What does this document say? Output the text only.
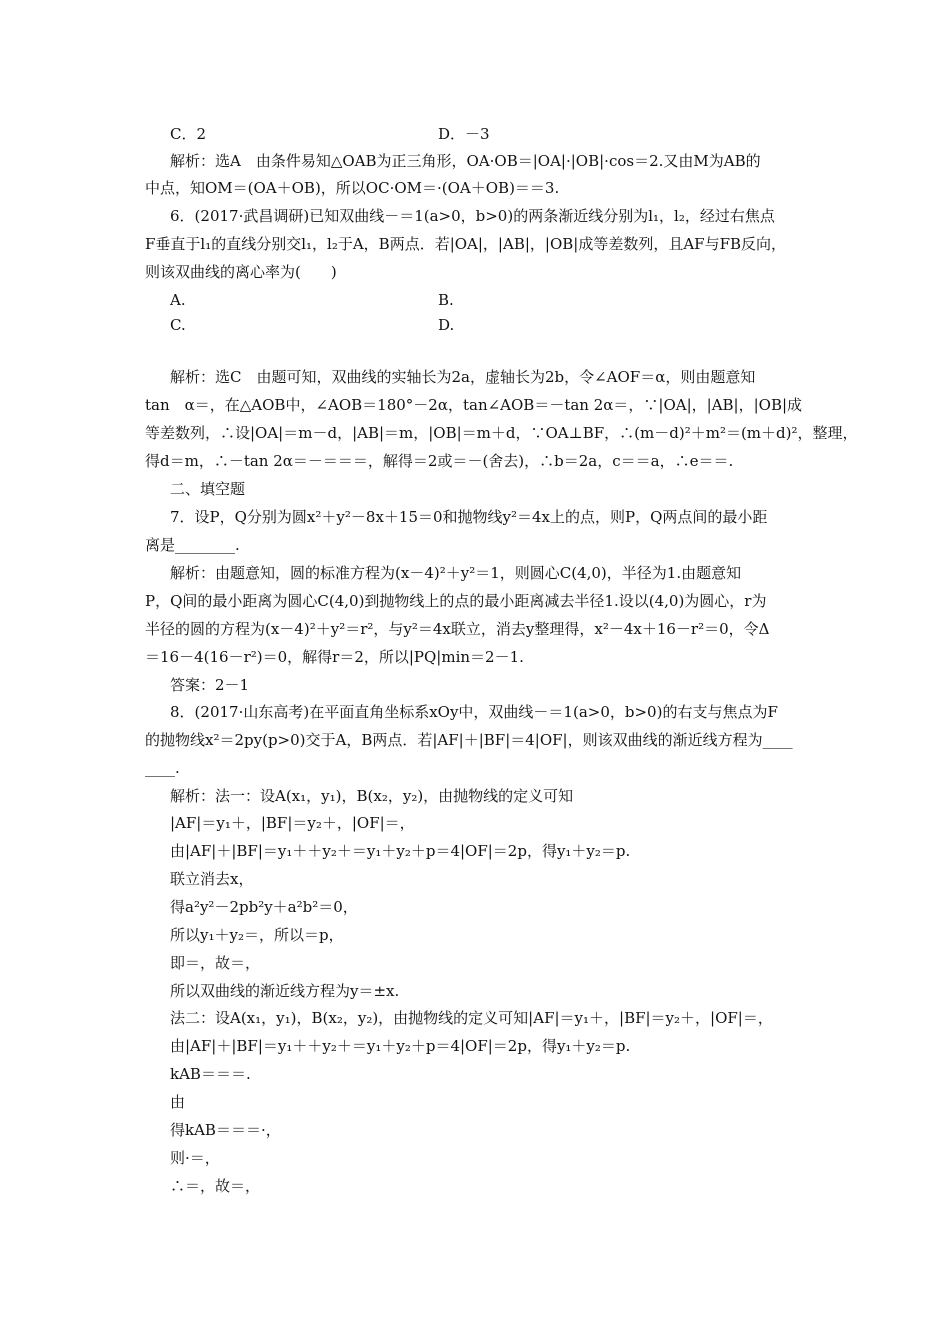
C．2	D．－3
解析：选A　由条件易知△OAB为正三角形，OA·OB＝|OA|·|OB|·cos＝2.又由M为AB的
中点，知OM＝(OA＋OB)，所以OC·OM＝·(OA＋OB)＝＝3.
6．(2017·武昌调研)已知双曲线－＝1(a>0，b>0)的两条渐近线分别为l₁，l₂，经过右焦点
F垂直于l₁的直线分别交l₁，l₂于A，B两点．若|OA|，|AB|，|OB|成等差数列，且AF与FB反向，
则该双曲线的离心率为(　　)
A.	B.
C.	D.
解析：选C　由题可知，双曲线的实轴长为2a，虚轴长为2b，令∠AOF＝α，则由题意知
tan　α＝，在△AOB中，∠AOB＝180°－2α，tan∠AOB＝－tan 2α＝，∵|OA|，|AB|，|OB|成
等差数列，∴设|OA|＝m－d，|AB|＝m，|OB|＝m＋d，∵OA⊥BF，∴(m－d)²＋m²＝(m＋d)²，整理，
得d＝m，∴－tan 2α＝－＝＝＝，解得＝2或＝－(舍去)，∴b＝2a，c＝＝a，∴e＝＝.
二、填空题
7．设P，Q分别为圆x²＋y²－8x＋15＝0和抛物线y²＝4x上的点，则P，Q两点间的最小距
离是________.
解析：由题意知，圆的标准方程为(x－4)²＋y²＝1，则圆心C(4,0)，半径为1.由题意知
P，Q间的最小距离为圆心C(4,0)到抛物线上的点的最小距离减去半径1.设以(4,0)为圆心，r为
半径的圆的方程为(x－4)²＋y²＝r²，与y²＝4x联立，消去y整理得，x²－4x＋16－r²＝0，令Δ
＝16－4(16－r²)＝0，解得r＝2，所以|PQ|min＝2－1.
答案：2－1
8．(2017·山东高考)在平面直角坐标系xOy中，双曲线－＝1(a>0，b>0)的右支与焦点为F
的抛物线x²＝2py(p>0)交于A，B两点．若|AF|＋|BF|＝4|OF|，则该双曲线的渐近线方程为____
____.
解析：法一：设A(x₁，y₁)，B(x₂，y₂)，由抛物线的定义可知
|AF|＝y₁＋，|BF|＝y₂＋，|OF|＝，
由|AF|＋|BF|＝y₁＋＋y₂＋＝y₁＋y₂＋p＝4|OF|＝2p，得y₁＋y₂＝p.
联立消去x，
得a²y²－2pb²y＋a²b²＝0，
所以y₁＋y₂＝，所以＝p，
即＝，故＝，
所以双曲线的渐近线方程为y＝±x.
法二：设A(x₁，y₁)，B(x₂，y₂)，由抛物线的定义可知|AF|＝y₁＋，|BF|＝y₂＋，|OF|＝，
由|AF|＋|BF|＝y₁＋＋y₂＋＝y₁＋y₂＋p＝4|OF|＝2p，得y₁＋y₂＝p.
kAB＝＝＝.
由
得kAB＝＝＝·，
则·＝，
∴＝，故＝，
